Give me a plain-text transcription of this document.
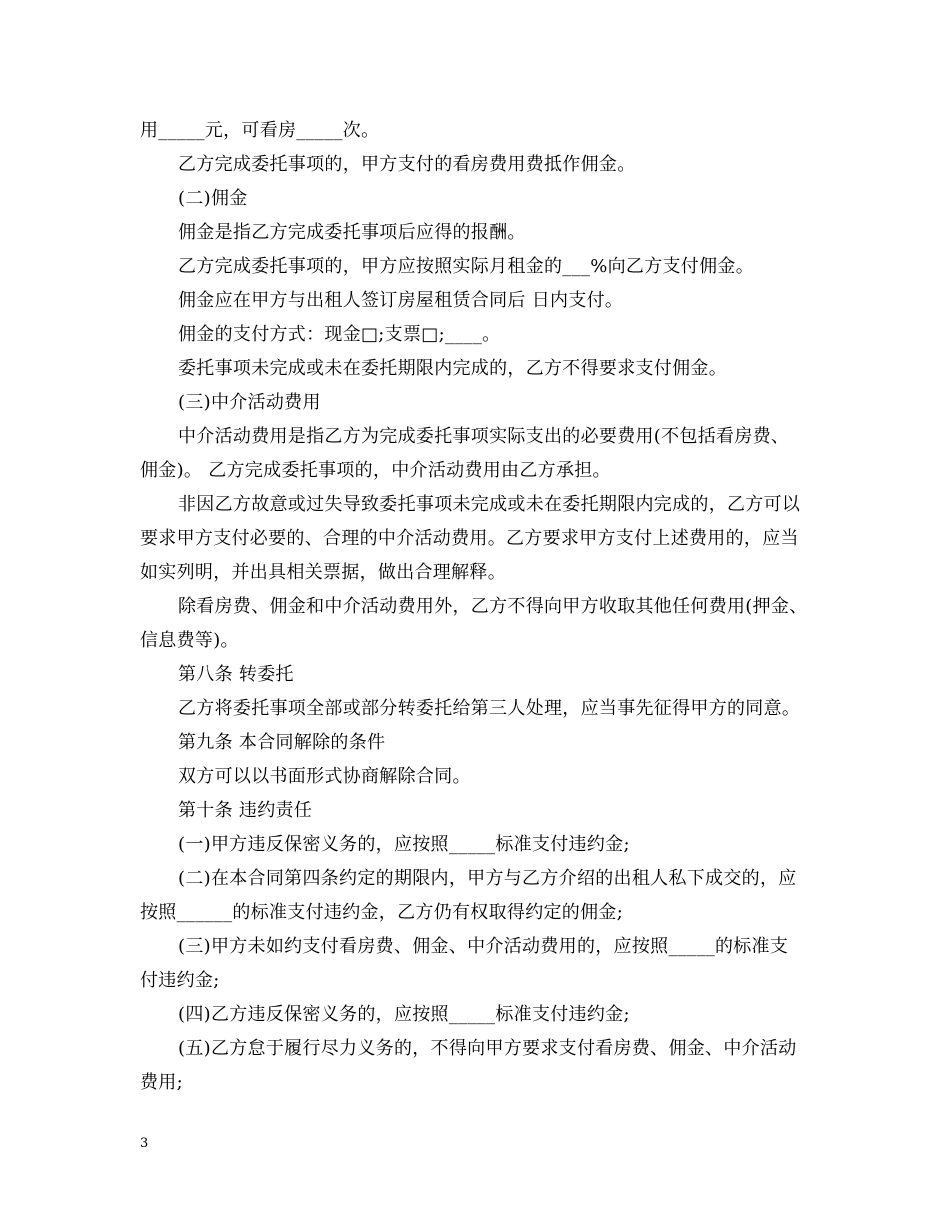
用_____元，可看房_____次。
乙方完成委托事项的，甲方支付的看房费用费抵作佣金。
(二)佣金
佣金是指乙方完成委托事项后应得的报酬。
乙方完成委托事项的，甲方应按照实际月租金的___%向乙方支付佣金。
佣金应在甲方与出租人签订房屋租赁合同后 日内支付。
佣金的支付方式：现金□;支票□;____。
委托事项未完成或未在委托期限内完成的，乙方不得要求支付佣金。
(三)中介活动费用
中介活动费用是指乙方为完成委托事项实际支出的必要费用(不包括看房费、
佣金)。 乙方完成委托事项的，中介活动费用由乙方承担。
非因乙方故意或过失导致委托事项未完成或未在委托期限内完成的，乙方可以
要求甲方支付必要的、合理的中介活动费用。乙方要求甲方支付上述费用的，应当
如实列明，并出具相关票据，做出合理解释。
除看房费、佣金和中介活动费用外，乙方不得向甲方收取其他任何费用(押金、
信息费等)。
第八条 转委托
乙方将委托事项全部或部分转委托给第三人处理，应当事先征得甲方的同意。
第九条 本合同解除的条件
双方可以以书面形式协商解除合同。
第十条 违约责任
(一)甲方违反保密义务的，应按照_____标准支付违约金;
(二)在本合同第四条约定的期限内，甲方与乙方介绍的出租人私下成交的，应
按照______的标准支付违约金，乙方仍有权取得约定的佣金;
(三)甲方未如约支付看房费、佣金、中介活动费用的，应按照_____的标准支
付违约金;
(四)乙方违反保密义务的，应按照_____标准支付违约金;
(五)乙方怠于履行尽力义务的，不得向甲方要求支付看房费、佣金、中介活动
费用;
3
